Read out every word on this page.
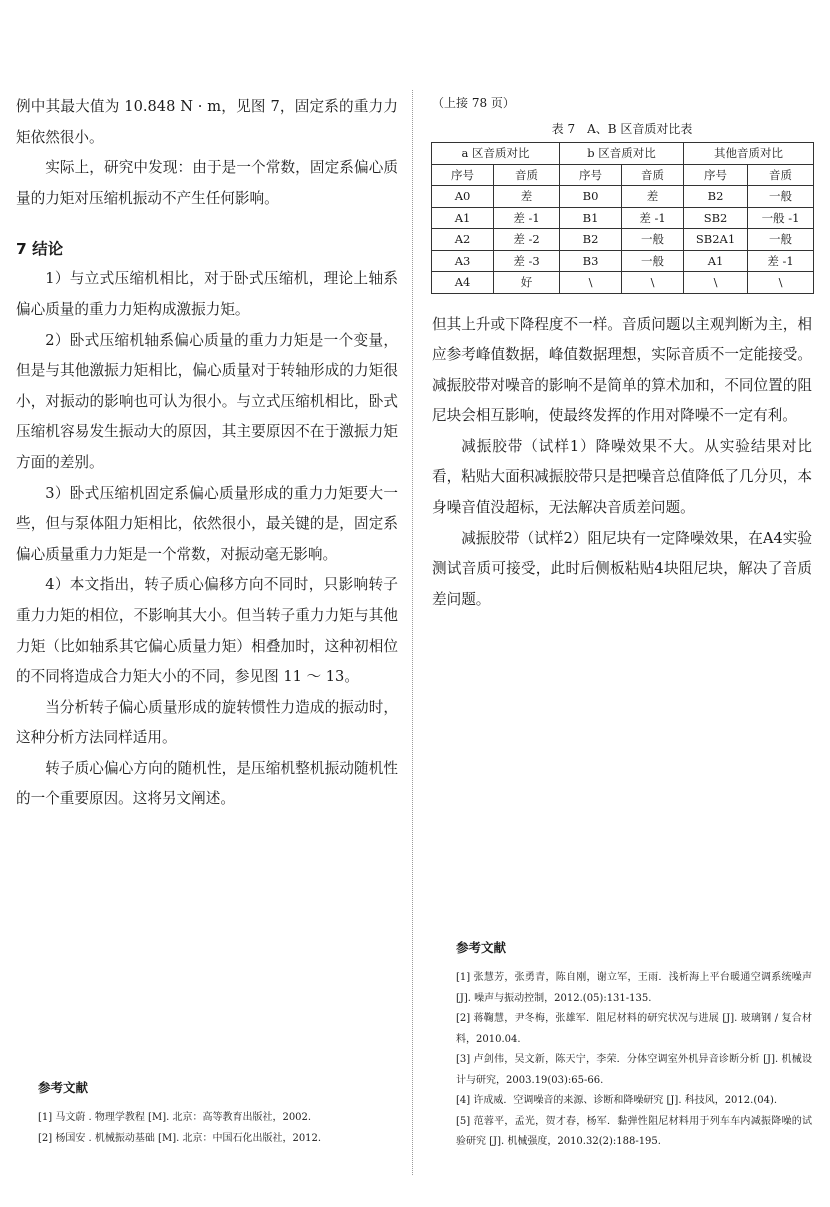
例中其最大值为 10.848 N · m，见图 7，固定系的重力力矩依然很小。

实际上，研究中发现：由于是一个常数，固定系偏心质量的力矩对压缩机振动不产生任何影响。

7 结论

1）与立式压缩机相比，对于卧式压缩机，理论上轴系偏心质量的重力力矩构成激振力矩。

2）卧式压缩机轴系偏心质量的重力力矩是一个变量，但是与其他激振力矩相比，偏心质量对于转轴形成的力矩很小，对振动的影响也可认为很小。与立式压缩机相比，卧式压缩机容易发生振动大的原因，其主要原因不在于激振力矩方面的差别。

3）卧式压缩机固定系偏心质量形成的重力力矩要大一些，但与泵体阻力矩相比，依然很小，最关键的是，固定系偏心质量重力力矩是一个常数，对振动毫无影响。

4）本文指出，转子质心偏移方向不同时，只影响转子重力力矩的相位，不影响其大小。但当转子重力力矩与其他力矩（比如轴系其它偏心质量力矩）相叠加时，这种初相位的不同将造成合力矩大小的不同，参见图 11 ～ 13。

当分析转子偏心质量形成的旋转惯性力造成的振动时，这种分析方法同样适用。

转子质心偏心方向的随机性，是压缩机整机振动随机性的一个重要原因。这将另文阐述。

参考文献

[1] 马文蔚 . 物理学教程 [M]. 北京：高等教育出版社，2002.

[2] 杨国安 . 机械振动基础 [M]. 北京：中国石化出版社，2012.

（上接 78 页）

表 7　A、B 区音质对比表

a 区音质对比		b 区音质对比		其他音质对比	
序号	音质	序号	音质	序号	音质
A0	差	B0	差	B2	一般
A1	差 -1	B1	差 -1	SB2	一般 -1
A2	差 -2	B2	一般	SB2A1	一般
A3	差 -3	B3	一般	A1	差 -1
A4	好	\	\	\	\

但其上升或下降程度不一样。音质问题以主观判断为主，相应参考峰值数据，峰值数据理想，实际音质不一定能接受。减振胶带对噪音的影响不是简单的算术加和，不同位置的阻尼块会相互影响，使最终发挥的作用对降噪不一定有利。

减振胶带（试样1）降噪效果不大。从实验结果对比看，粘贴大面积减振胶带只是把噪音总值降低了几分贝，本身噪音值没超标，无法解决音质差问题。

减振胶带（试样2）阻尼块有一定降噪效果，在A4实验测试音质可接受，此时后侧板粘贴4块阻尼块，解决了音质差问题。

参考文献

[1] 张慧芳，张勇青，陈自刚，谢立军，王雨．浅析海上平台暖通空调系统噪声 [J]. 噪声与振动控制，2012.(05):131-135.

[2] 蒋鞠慧，尹冬梅，张雄军．阻尼材料的研究状况与进展 [J]. 玻璃钢 / 复合材料，2010.04.

[3] 卢剑伟，吴文新，陈天宁，李荣．分体空调室外机异音诊断分析 [J]. 机械设计与研究，2003.19(03):65-66.

[4] 许成威．空调噪音的来源、诊断和降噪研究 [J]. 科技风，2012.(04).

[5] 范蓉平，孟光，贺才春，杨军．黏弹性阻尼材料用于列车车内减振降噪的试验研究 [J]. 机械强度，2010.32(2):188-195.
